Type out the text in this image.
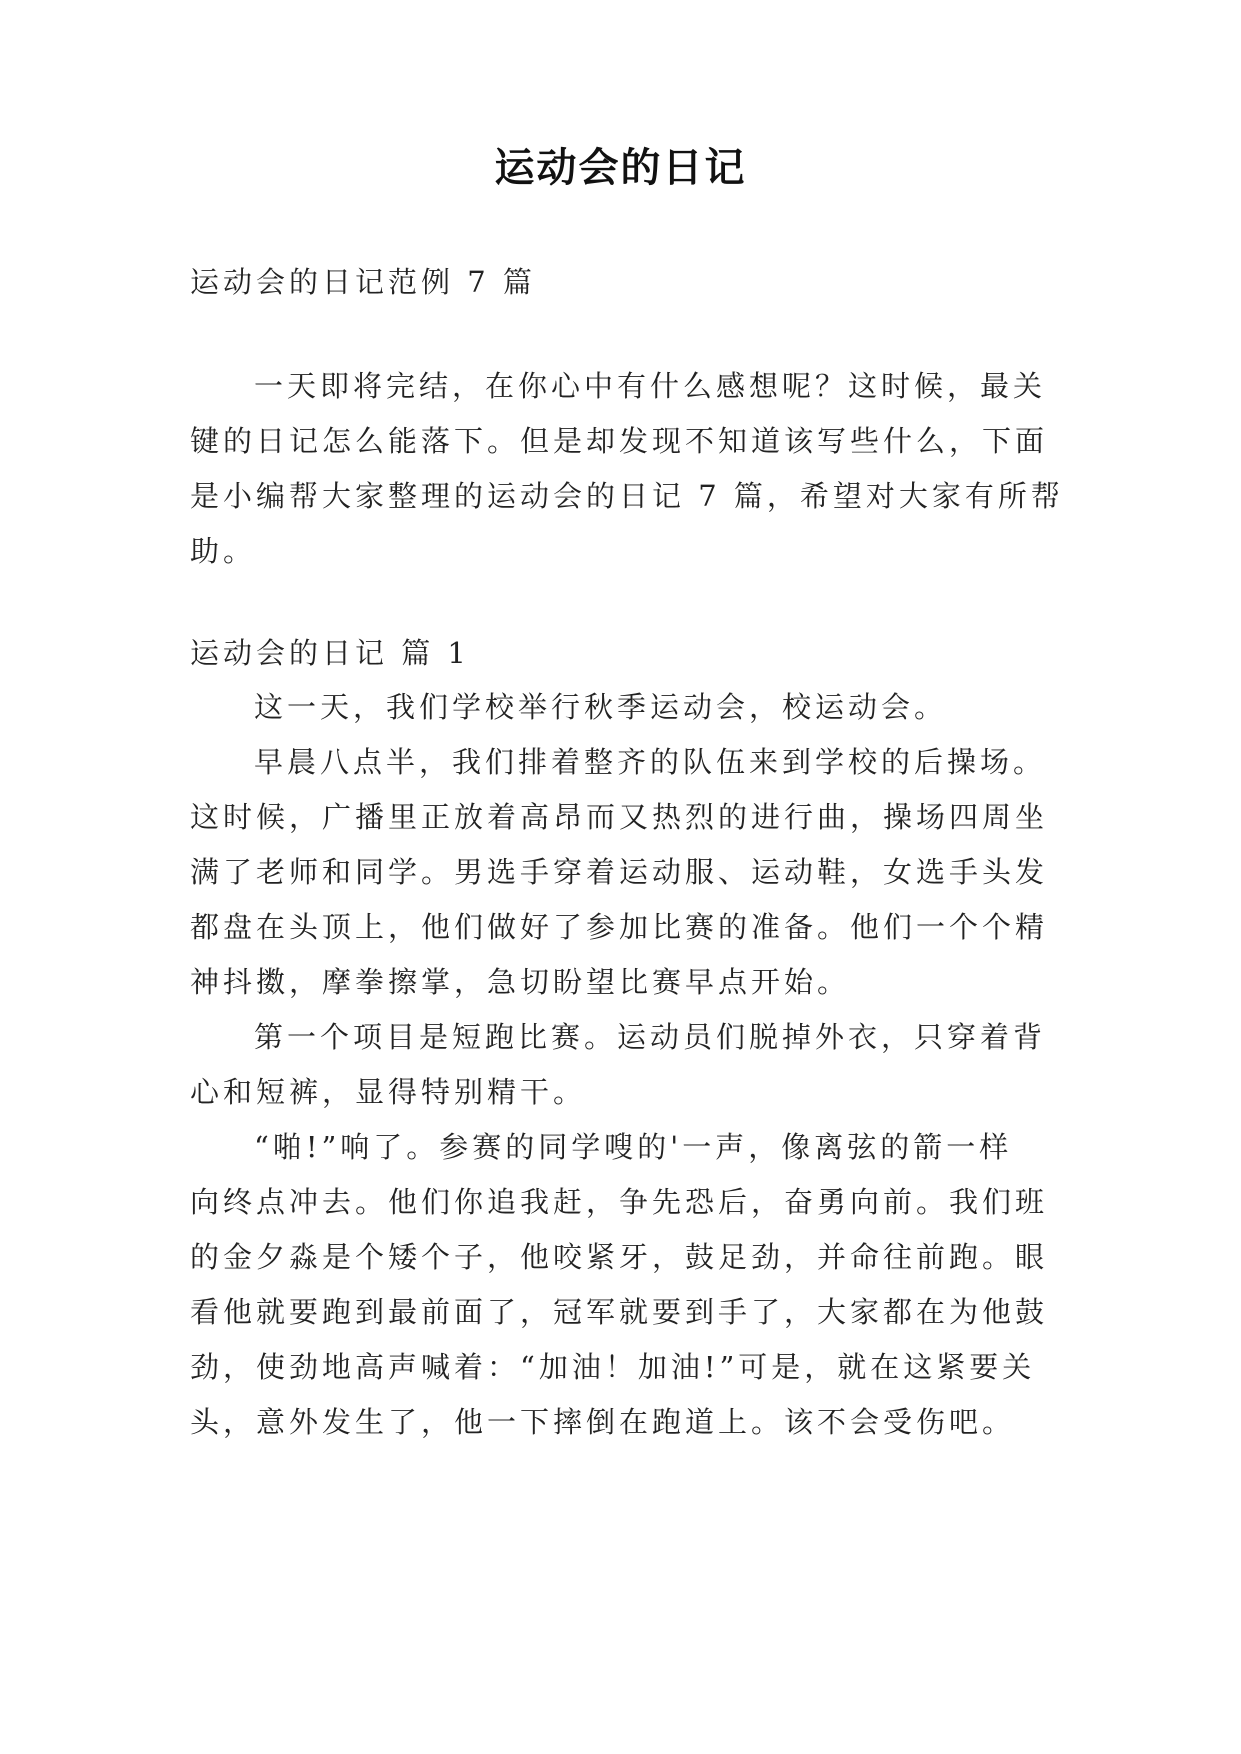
运动会的日记
运动会的日记范例 7 篇
一天即将完结，在你心中有什么感想呢？这时候，最关
键的日记怎么能落下。但是却发现不知道该写些什么，下面
是小编帮大家整理的运动会的日记 7 篇，希望对大家有所帮
助。
运动会的日记 篇 1
这一天，我们学校举行秋季运动会，校运动会。
早晨八点半，我们排着整齐的队伍来到学校的后操场。
这时候，广播里正放着高昂而又热烈的进行曲，操场四周坐
满了老师和同学。男选手穿着运动服、运动鞋，女选手头发
都盘在头顶上，他们做好了参加比赛的准备。他们一个个精
神抖擞，摩拳擦掌，急切盼望比赛早点开始。
第一个项目是短跑比赛。运动员们脱掉外衣，只穿着背
心和短裤，显得特别精干。
“啪!”响了。参赛的同学嗖的'一声，像离弦的箭一样
向终点冲去。他们你追我赶，争先恐后，奋勇向前。我们班
的金夕淼是个矮个子，他咬紧牙，鼓足劲，并命往前跑。眼
看他就要跑到最前面了，冠军就要到手了，大家都在为他鼓
劲，使劲地高声喊着：“加油！加油!”可是，就在这紧要关
头，意外发生了，他一下摔倒在跑道上。该不会受伤吧。
